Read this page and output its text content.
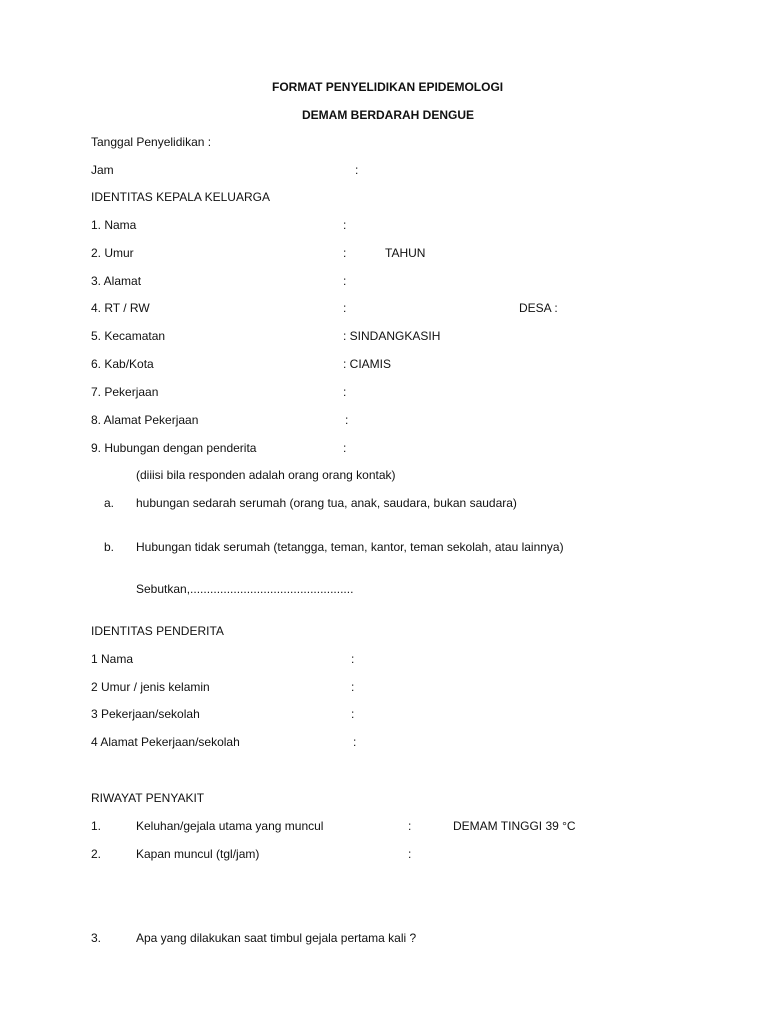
FORMAT PENYELIDIKAN EPIDEMOLOGI
DEMAM BERDARAH DENGUE
Tanggal Penyelidikan :
Jam	:
IDENTITAS KEPALA KELUARGA
1. Nama	:
2. Umur	:	TAHUN
3. Alamat	:
4. RT / RW	:	DESA :
5. Kecamatan	: SINDANGKASIH
6. Kab/Kota	: CIAMIS
7. Pekerjaan	:
8. Alamat Pekerjaan	:
9. Hubungan dengan penderita	:
(diiisi bila responden adalah orang orang kontak)
a. hubungan sedarah serumah (orang tua, anak, saudara, bukan saudara)
b. Hubungan tidak serumah (tetangga, teman, kantor, teman sekolah, atau lainnya)
Sebutkan,.................................................
IDENTITAS PENDERITA
1 Nama	:
2 Umur / jenis kelamin	:
3 Pekerjaan/sekolah	:
4 Alamat Pekerjaan/sekolah	:
RIWAYAT PENYAKIT
1.	Keluhan/gejala utama yang muncul	:	DEMAM TINGGI 39 °C
2.	Kapan muncul (tgl/jam)	:
3.	Apa yang dilakukan saat timbul gejala pertama kali ?
